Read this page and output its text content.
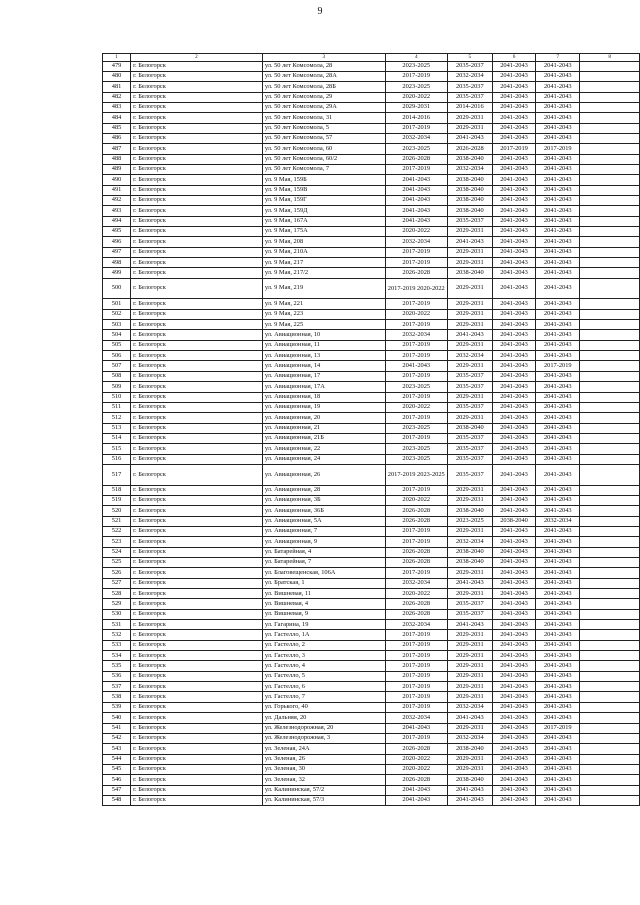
9
1	2	3	4	5	6	7	8
479	г. Белогорск	ул. 50 лет Комсомола, 28	2023-2025	2035-2037	2041-2043	2041-2043	
480	г. Белогорск	ул. 50 лет Комсомола, 28А	2017-2019	2032-2034	2041-2043	2041-2043	
481	г. Белогорск	ул. 50 лет Комсомола, 28Б	2023-2025	2035-2037	2041-2043	2041-2043	
482	г. Белогорск	ул. 50 лет Комсомола, 29	2020-2022	2035-2037	2041-2043	2041-2043	
483	г. Белогорск	ул. 50 лет Комсомола, 29А	2029-2031	2014-2016	2041-2043	2041-2043	
484	г. Белогорск	ул. 50 лет Комсомола, 31	2014-2016	2029-2031	2041-2043	2041-2043	
485	г. Белогорск	ул. 50 лет Комсомола, 5	2017-2019	2029-2031	2041-2043	2041-2043	
486	г. Белогорск	ул. 50 лет Комсомола, 57	2032-2034	2041-2043	2041-2043	2041-2043	
487	г. Белогорск	ул. 50 лет Комсомола, 60	2023-2025	2026-2028	2017-2019	2017-2019	
488	г. Белогорск	ул. 50 лет Комсомола, 60/2	2026-2028	2038-2040	2041-2043	2041-2043	
489	г. Белогорск	ул. 50 лет Комсомола, 7	2017-2019	2032-2034	2041-2043	2041-2043	
490	г. Белогорск	ул. 9 Мая, 159Б	2041-2043	2038-2040	2041-2043	2041-2043	
491	г. Белогорск	ул. 9 Мая, 159В	2041-2043	2038-2040	2041-2043	2041-2043	
492	г. Белогорск	ул. 9 Мая, 159Г	2041-2043	2038-2040	2041-2043	2041-2043	
493	г. Белогорск	ул. 9 Мая, 159Д	2041-2043	2038-2040	2041-2043	2041-2043	
494	г. Белогорск	ул. 9 Мая, 167А	2041-2043	2035-2037	2041-2043	2041-2043	
495	г. Белогорск	ул. 9 Мая, 175А	2020-2022	2029-2031	2041-2043	2041-2043	
496	г. Белогорск	ул. 9 Мая, 208	2032-2034	2041-2043	2041-2043	2041-2043	
497	г. Белогорск	ул. 9 Мая, 210А	2017-2019	2029-2031	2041-2043	2041-2043	
498	г. Белогорск	ул. 9 Мая, 217	2017-2019	2029-2031	2041-2043	2041-2043	
499	г. Белогорск	ул. 9 Мая, 217/2	2026-2028	2038-2040	2041-2043	2041-2043	
500	г. Белогорск	ул. 9 Мая, 219	2017-2019 2020-2022	2029-2031	2041-2043	2041-2043	
501	г. Белогорск	ул. 9 Мая, 221	2017-2019	2029-2031	2041-2043	2041-2043	
502	г. Белогорск	ул. 9 Мая, 223	2020-2022	2029-2031	2041-2043	2041-2043	
503	г. Белогорск	ул. 9 Мая, 225	2017-2019	2029-2031	2041-2043	2041-2043	
504	г. Белогорск	ул. Авиационная, 10	2032-2034	2041-2043	2041-2043	2041-2043	
505	г. Белогорск	ул. Авиационная, 11	2017-2019	2029-2031	2041-2043	2041-2043	
506	г. Белогорск	ул. Авиационная, 13	2017-2019	2032-2034	2041-2043	2041-2043	
507	г. Белогорск	ул. Авиационная, 14	2041-2043	2029-2031	2041-2043	2017-2019	
508	г. Белогорск	ул. Авиационная, 17	2017-2019	2035-2037	2041-2043	2041-2043	
509	г. Белогорск	ул. Авиационная, 17А	2023-2025	2035-2037	2041-2043	2041-2043	
510	г. Белогорск	ул. Авиационная, 18	2017-2019	2029-2031	2041-2043	2041-2043	
511	г. Белогорск	ул. Авиационная, 19	2020-2022	2035-2037	2041-2043	2041-2043	
512	г. Белогорск	ул. Авиационная, 20	2017-2019	2029-2031	2041-2043	2041-2043	
513	г. Белогорск	ул. Авиационная, 21	2023-2025	2038-2040	2041-2043	2041-2043	
514	г. Белогорск	ул. Авиационная, 21Б	2017-2019	2035-2037	2041-2043	2041-2043	
515	г. Белогорск	ул. Авиационная, 22	2023-2025	2035-2037	2041-2043	2041-2043	
516	г. Белогорск	ул. Авиационная, 24	2023-2025	2035-2037	2041-2043	2041-2043	
517	г. Белогорск	ул. Авиационная, 26	2017-2019 2023-2025	2035-2037	2041-2043	2041-2043	
518	г. Белогорск	ул. Авиационная, 28	2017-2019	2029-2031	2041-2043	2041-2043	
519	г. Белогорск	ул. Авиационная, 3Б	2020-2022	2029-2031	2041-2043	2041-2043	
520	г. Белогорск	ул. Авиационная, 36Б	2026-2028	2038-2040	2041-2043	2041-2043	
521	г. Белогорск	ул. Авиационная, 5А	2026-2028	2023-2025	2038-2040	2032-2034	
522	г. Белогорск	ул. Авиационная, 7	2017-2019	2029-2031	2041-2043	2041-2043	
523	г. Белогорск	ул. Авиационная, 9	2017-2019	2032-2034	2041-2043	2041-2043	
524	г. Белогорск	ул. Батарейная, 4	2026-2028	2038-2040	2041-2043	2041-2043	
525	г. Белогорск	ул. Батарейная, 7	2026-2028	2038-2040	2041-2043	2041-2043	
526	г. Белогорск	ул. Благовещенская, 106А	2017-2019	2029-2031	2041-2043	2041-2043	
527	г. Белогорск	ул. Братская, 1	2032-2034	2041-2043	2041-2043	2041-2043	
528	г. Белогорск	ул. Вишневая, 11	2020-2022	2029-2031	2041-2043	2041-2043	
529	г. Белогорск	ул. Вишневая, 4	2026-2028	2035-2037	2041-2043	2041-2043	
530	г. Белогорск	ул. Вишневая, 9	2026-2028	2035-2037	2041-2043	2041-2043	
531	г. Белогорск	ул. Гагарина, 19	2032-2034	2041-2043	2041-2043	2041-2043	
532	г. Белогорск	ул. Гастелло, 1А	2017-2019	2029-2031	2041-2043	2041-2043	
533	г. Белогорск	ул. Гастелло, 2	2017-2019	2029-2031	2041-2043	2041-2043	
534	г. Белогорск	ул. Гастелло, 3	2017-2019	2029-2031	2041-2043	2041-2043	
535	г. Белогорск	ул. Гастелло, 4	2017-2019	2029-2031	2041-2043	2041-2043	
536	г. Белогорск	ул. Гастелло, 5	2017-2019	2029-2031	2041-2043	2041-2043	
537	г. Белогорск	ул. Гастелло, 6	2017-2019	2029-2031	2041-2043	2041-2043	
538	г. Белогорск	ул. Гастелло, 7	2017-2019	2029-2031	2041-2043	2041-2043	
539	г. Белогорск	ул. Горького, 40	2017-2019	2032-2034	2041-2043	2041-2043	
540	г. Белогорск	ул. Дальняя, 20	2032-2034	2041-2043	2041-2043	2041-2043	
541	г. Белогорск	ул. Железнодорожная, 20	2041-2043	2029-2031	2041-2043	2017-2019	
542	г. Белогорск	ул. Железнодорожная, 3	2017-2019	2032-2034	2041-2043	2041-2043	
543	г. Белогорск	ул. Зеленая, 24А	2026-2028	2038-2040	2041-2043	2041-2043	
544	г. Белогорск	ул. Зеленая, 26	2020-2022	2029-2031	2041-2043	2041-2043	
545	г. Белогорск	ул. Зеленая, 30	2020-2022	2029-2031	2041-2043	2041-2043	
546	г. Белогорск	ул. Зеленая, 32	2026-2028	2038-2040	2041-2043	2041-2043	
547	г. Белогорск	ул. Калининская, 57/2	2041-2043	2041-2043	2041-2043	2041-2043	
548	г. Белогорск	ул. Калининская, 57/3	2041-2043	2041-2043	2041-2043	2041-2043	
